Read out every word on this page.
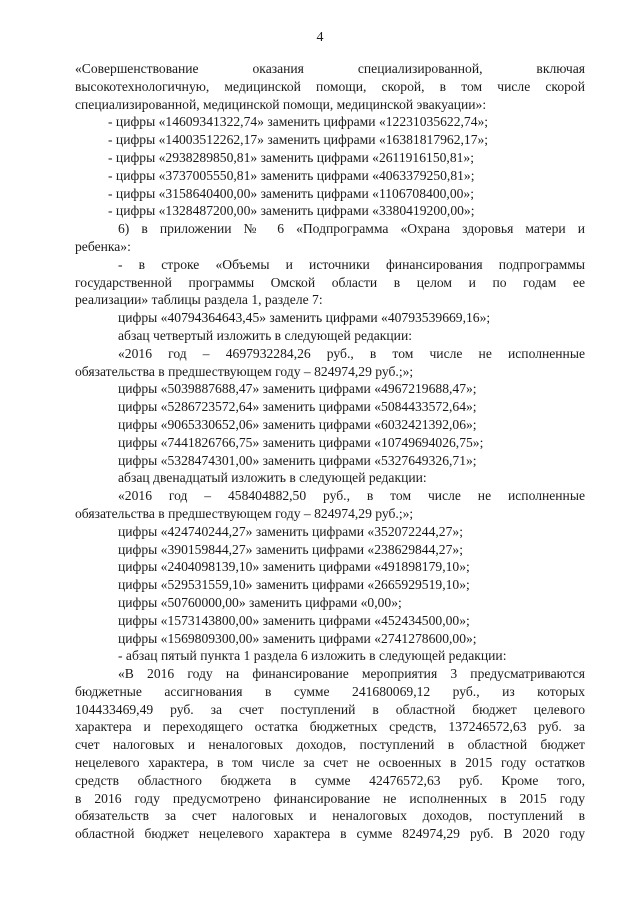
4
«Совершенствование оказания специализированной, включая
высокотехнологичную, медицинской помощи, скорой, в том числе скорой
специализированной, медицинской помощи, медицинской эвакуации»:
- цифры «14609341322,74» заменить цифрами «12231035622,74»;
- цифры «14003512262,17» заменить цифрами «16381817962,17»;
- цифры «2938289850,81» заменить цифрами «2611916150,81»;
- цифры «3737005550,81» заменить цифрами «4063379250,81»;
- цифры «3158640400,00» заменить цифрами «1106708400,00»;
- цифры «1328487200,00» заменить цифрами «3380419200,00»;
6) в приложении № 6 «Подпрограмма «Охрана здоровья матери и
ребенка»:
- в строке «Объемы и источники финансирования подпрограммы
государственной программы Омской области в целом и по годам ее
реализации» таблицы раздела 1, разделе 7:
цифры «40794364643,45» заменить цифрами «40793539669,16»;
абзац четвертый изложить в следующей редакции:
«2016 год – 4697932284,26 руб., в том числе не исполненные
обязательства в предшествующем году – 824974,29 руб.;»;
цифры «5039887688,47» заменить цифрами «4967219688,47»;
цифры «5286723572,64» заменить цифрами «5084433572,64»;
цифры «9065330652,06» заменить цифрами «6032421392,06»;
цифры «7441826766,75» заменить цифрами «10749694026,75»;
цифры «5328474301,00» заменить цифрами «5327649326,71»;
абзац двенадцатый изложить в следующей редакции:
«2016 год – 458404882,50 руб., в том числе не исполненные
обязательства в предшествующем году – 824974,29 руб.;»;
цифры «424740244,27» заменить цифрами «352072244,27»;
цифры «390159844,27» заменить цифрами «238629844,27»;
цифры «2404098139,10» заменить цифрами «491898179,10»;
цифры «529531559,10» заменить цифрами «2665929519,10»;
цифры «50760000,00» заменить цифрами «0,00»;
цифры «1573143800,00» заменить цифрами «452434500,00»;
цифры «1569809300,00» заменить цифрами «2741278600,00»;
- абзац пятый пункта 1 раздела 6 изложить в следующей редакции:
«В 2016 году на финансирование мероприятия 3 предусматриваются
бюджетные ассигнования в сумме 241680069,12 руб., из которых
104433469,49 руб. за счет поступлений в областной бюджет целевого
характера и переходящего остатка бюджетных средств, 137246572,63 руб. за
счет налоговых и неналоговых доходов, поступлений в областной бюджет
нецелевого характера, в том числе за счет не освоенных в 2015 году остатков
средств областного бюджета в сумме 42476572,63 руб. Кроме того,
в 2016 году предусмотрено финансирование не исполненных в 2015 году
обязательств за счет налоговых и неналоговых доходов, поступлений в
областной бюджет нецелевого характера в сумме 824974,29 руб. В 2020 году
